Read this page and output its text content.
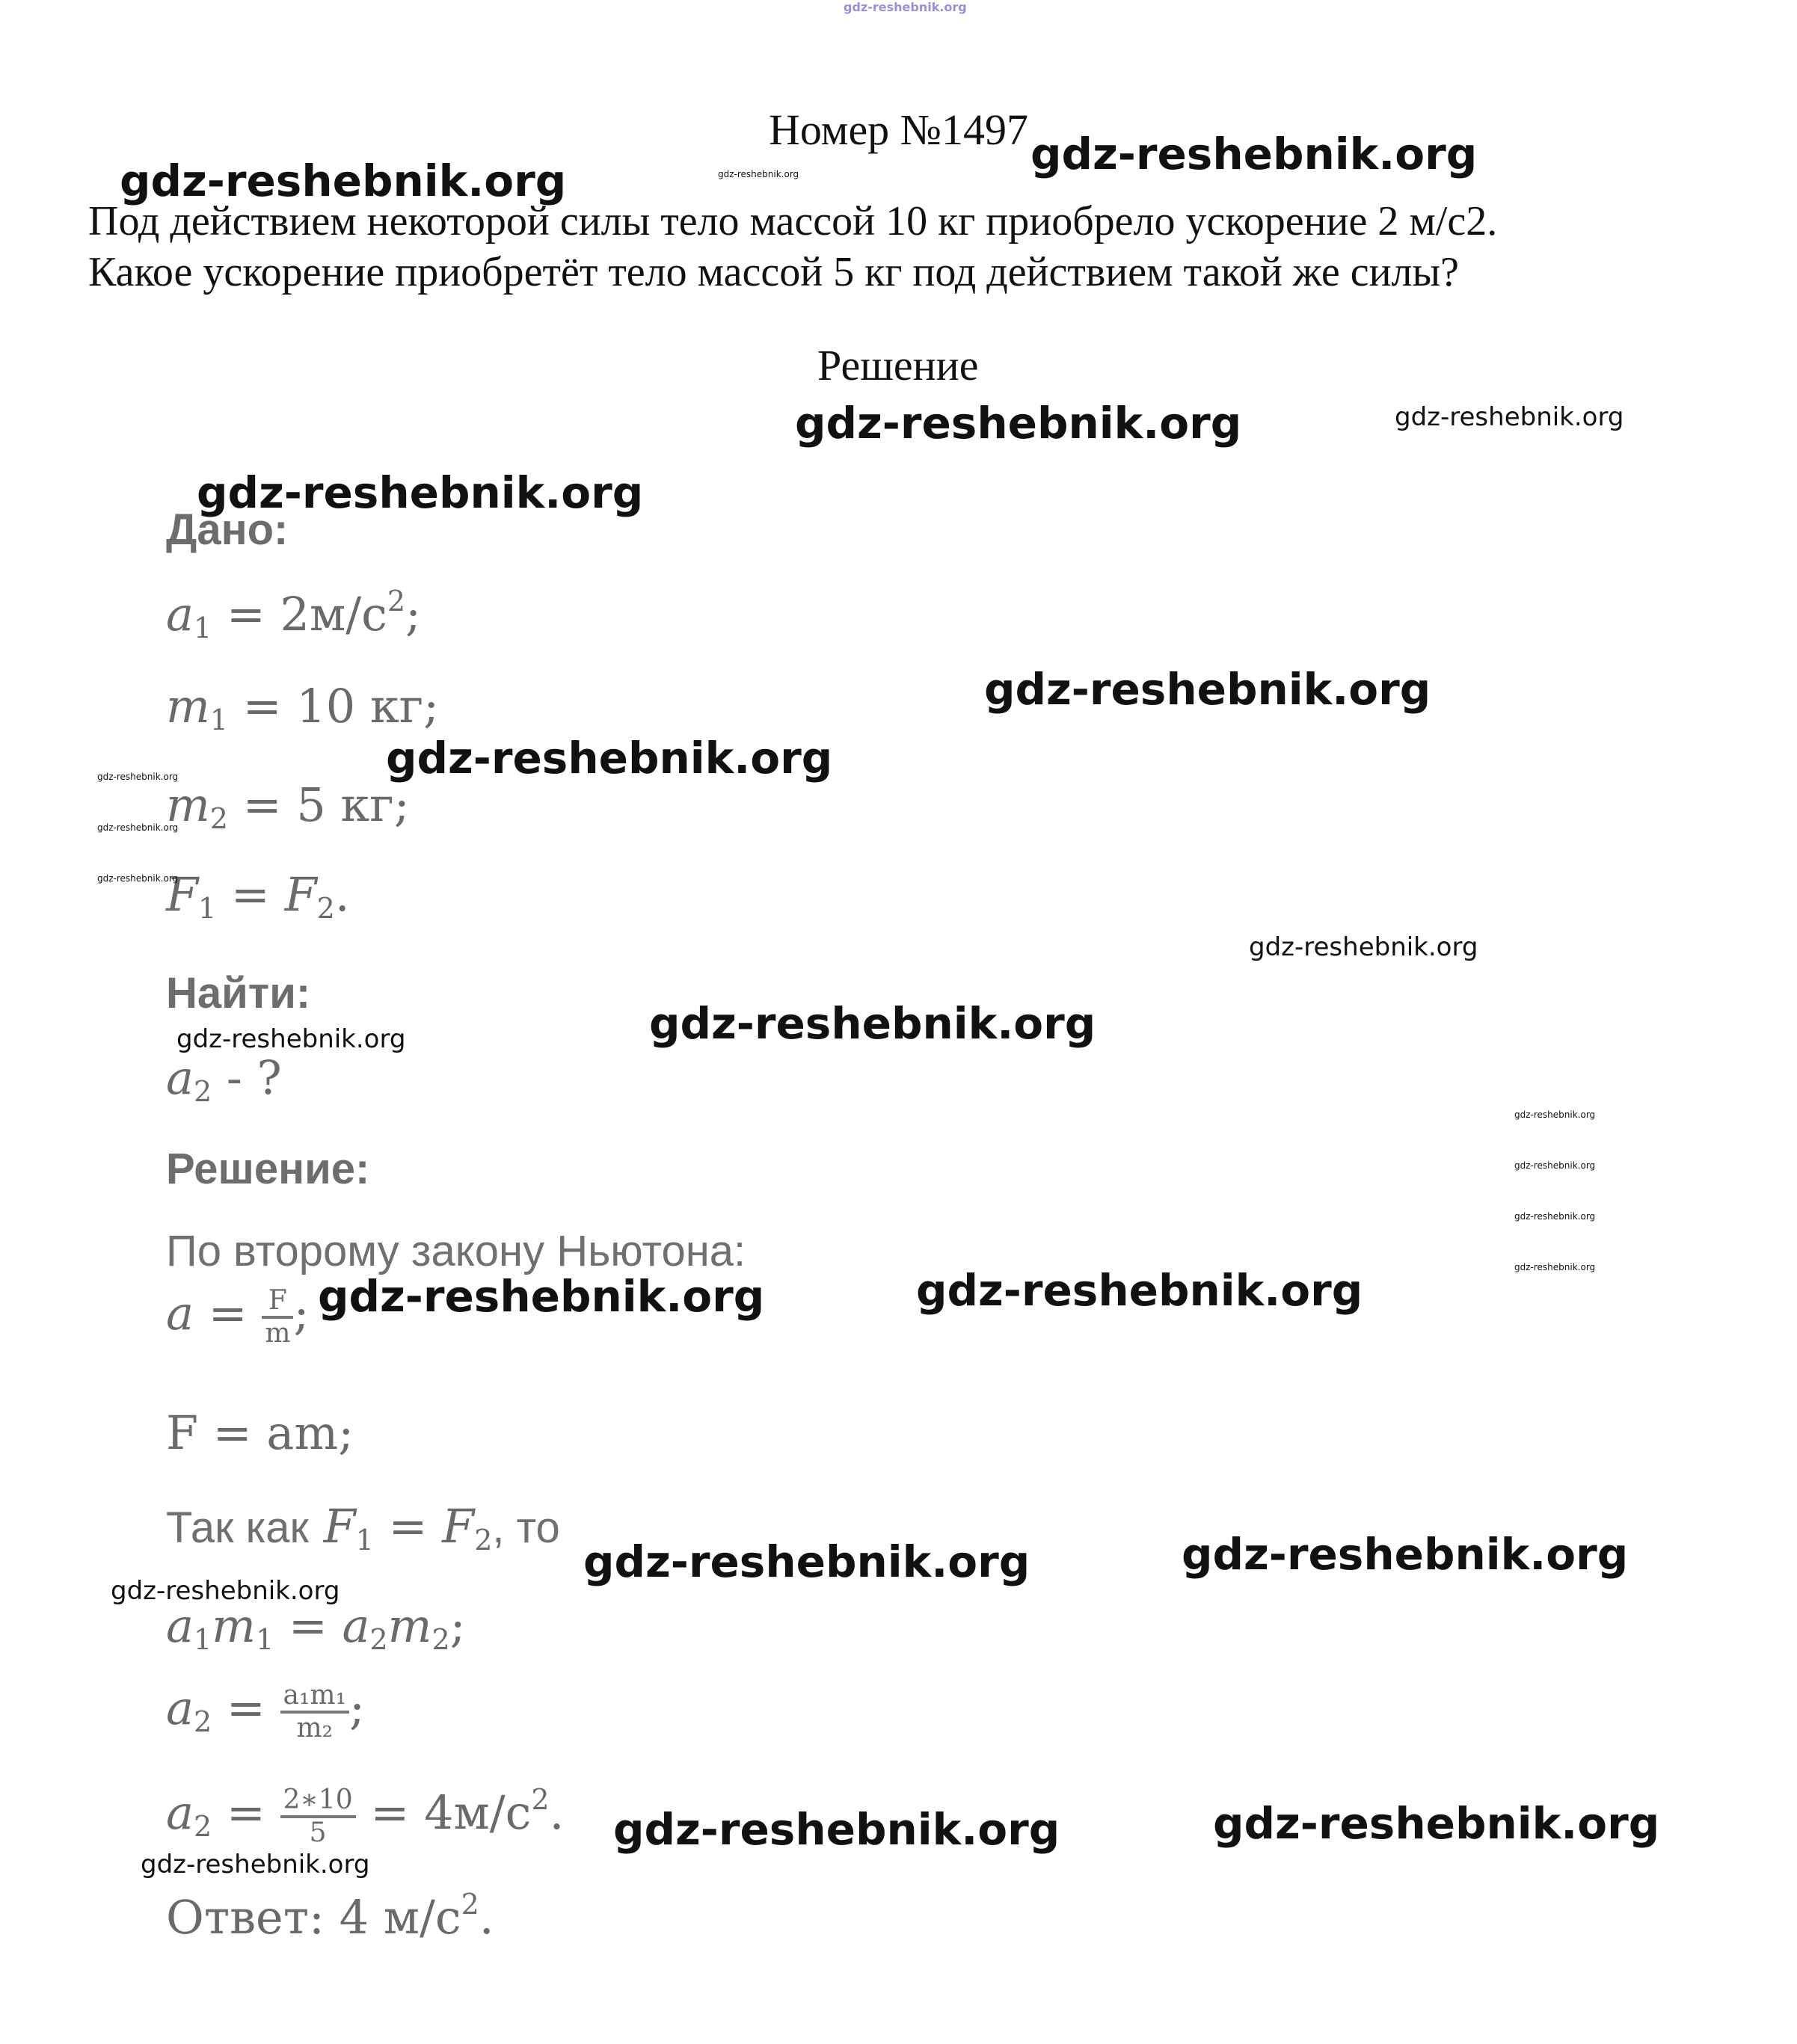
gdz-reshebnik.org
Номер №1497
Под действием некоторой силы тело массой 10 кг приобрело ускорение 2 м/с2.
Какое ускорение приобретёт тело массой 5 кг под действием такой же силы?
Решение
Дано:
$a_1 = 2м/c^2$;
$m_1 = 10$ кг;
$m_2 = 5$ кг;
$F_1 = F_2$.
Найти:
$a_2$ - ?
Решение:
По второму закону Ньютона:
$a = \frac{F}{m}$ ;
F = am;
Так как $F_1 = F_2$, то
$a_1m_1 = a_2m_2$;
$a_2 = \frac{\text{a₁m₁}}{\text{m₂}}$ ;
$a_2 = \frac{2∗10}{5} = 4м/c^2$.
Ответ: 4 $м/c^2$.
gdz-reshebnik.org
gdz-reshebnik.org
gdz-reshebnik.org
gdz-reshebnik.org	gdz-reshebnik.org
gdz-reshebnik.org
gdz-reshebnik.org
gdz-reshebnik.org
gdz-reshebnik.org
gdz-reshebnik.org
gdz-reshebnik.org
gdz-reshebnik.org
gdz-reshebnik.org
gdz-reshebnik.org
gdz-reshebnik.org
gdz-reshebnik.org
gdz-reshebnik.org
gdz-reshebnik.org
gdz-reshebnik.org	gdz-reshebnik.org
gdz-reshebnik.org	gdz-reshebnik.org
gdz-reshebnik.org
gdz-reshebnik.org	gdz-reshebnik.org
gdz-reshebnik.org
